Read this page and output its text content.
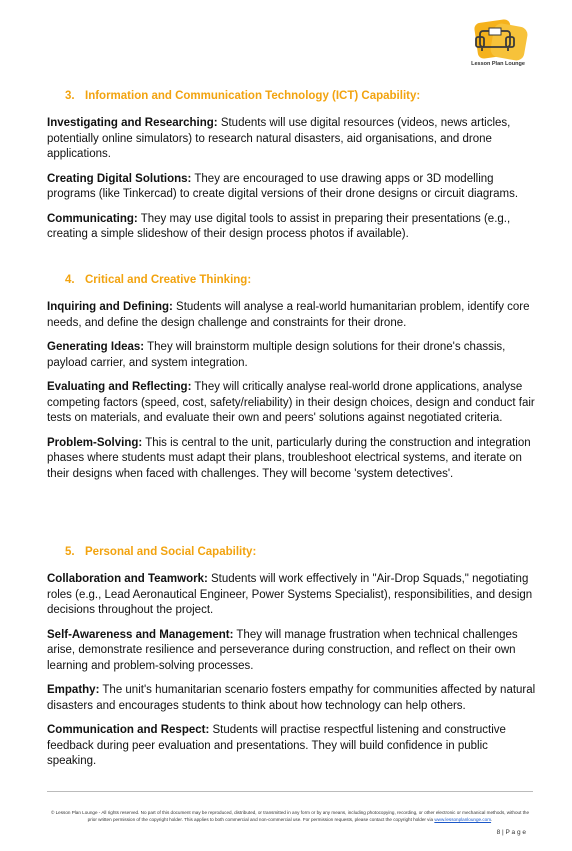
Lesson Plan Lounge
3. Information and Communication Technology (ICT) Capability:

Investigating and Researching: Students will use digital resources (videos, news articles, potentially online simulators) to research natural disasters, aid organisations, and drone applications.

Creating Digital Solutions: They are encouraged to use drawing apps or 3D modelling programs (like Tinkercad) to create digital versions of their drone designs or circuit diagrams.

Communicating: They may use digital tools to assist in preparing their presentations (e.g., creating a simple slideshow of their design process photos if available).

4. Critical and Creative Thinking:

Inquiring and Defining: Students will analyse a real-world humanitarian problem, identify core needs, and define the design challenge and constraints for their drone.

Generating Ideas: They will brainstorm multiple design solutions for their drone's chassis, payload carrier, and system integration.

Evaluating and Reflecting: They will critically analyse real-world drone applications, analyse competing factors (speed, cost, safety/reliability) in their design choices, design and conduct fair tests on materials, and evaluate their own and peers' solutions against negotiated criteria.

Problem-Solving: This is central to the unit, particularly during the construction and integration phases where students must adapt their plans, troubleshoot electrical systems, and iterate on their designs when faced with challenges. They will become 'system detectives'.

5. Personal and Social Capability:

Collaboration and Teamwork: Students will work effectively in "Air-Drop Squads," negotiating roles (e.g., Lead Aeronautical Engineer, Power Systems Specialist), responsibilities, and design decisions throughout the project.

Self-Awareness and Management: They will manage frustration when technical challenges arise, demonstrate resilience and perseverance during construction, and reflect on their own learning and problem-solving processes.

Empathy: The unit's humanitarian scenario fosters empathy for communities affected by natural disasters and encourages students to think about how technology can help others.

Communication and Respect: Students will practise respectful listening and constructive feedback during peer evaluation and presentations. They will build confidence in public speaking.

© Lesson Plan Lounge - All rights reserved. No part of this document may be reproduced, distributed, or transmitted in any form or by any means, including photocopying, recording, or other electronic or mechanical methods, without the prior written permission of the copyright holder. This applies to both commercial and non-commercial use. For permission requests, please contact the copyright holder via www.lessonplanlounge.com.
8 | P a g e
